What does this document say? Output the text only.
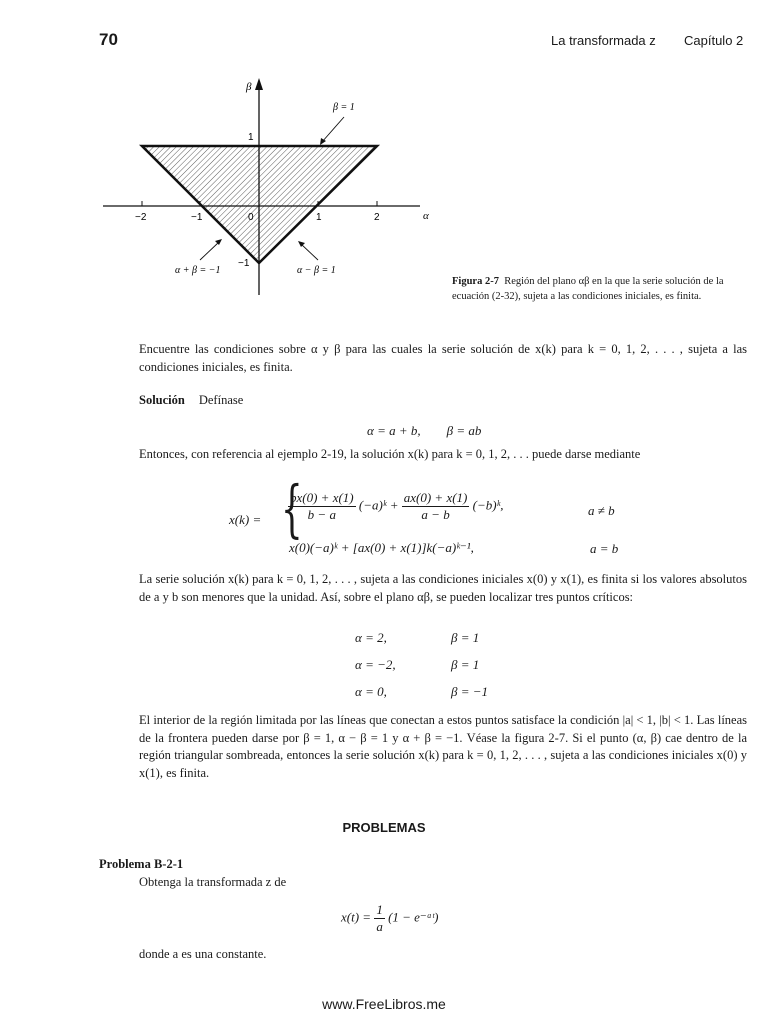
70	La transformada z Capítulo 2
β
α
−2	−1	0	1	2
1
−1
β = 1
α + β = −1	α − β = 1
Figura 2-7 Región del plano αβ en la que la serie solución de la ecuación (2-32), sujeta a las condiciones iniciales, es finita.
Encuentre las condiciones sobre α y β para las cuales la serie solución de x(k) para k = 0, 1, 2, . . . , sujeta a las condiciones iniciales, es finita.
Solución Defínase
α = a + b,        β = ab
Entonces, con referencia al ejemplo 2-19, la solución x(k) para k = 0, 1, 2, . . . puede darse mediante
x(k) = {
$\frac{bx(0) + x(1)}{b - a}$ (−a)ᵏ + $\frac{ax(0) + x(1)}{a - b}$ (−b)ᵏ,	a ≠ b
x(0)(−a)ᵏ + [ax(0) + x(1)]k(−a)ᵏ⁻¹,	a = b
La serie solución x(k) para k = 0, 1, 2, . . . , sujeta a las condiciones iniciales x(0) y x(1), es finita si los valores absolutos de a y b son menores que la unidad. Así, sobre el plano αβ, se pueden localizar tres puntos críticos:
α = 2,	β = 1
α = −2,	β = 1
α = 0,	β = −1
El interior de la región limitada por las líneas que conectan a estos puntos satisface la condición |a| < 1, |b| < 1. Las líneas de la frontera pueden darse por β = 1, α − β = 1 y α + β = −1. Véase la figura 2-7. Si el punto (α, β) cae dentro de la región triangular sombreada, entonces la serie solución x(k) para k = 0, 1, 2, . . . , sujeta a las condiciones iniciales x(0) y x(1), es finita.
PROBLEMAS
Problema B-2-1
Obtenga la transformada z de
$x(t) = \frac{1}{a} (1$ − e⁻ᵃᵗ)
donde a es una constante.
www.FreeLibros.me
